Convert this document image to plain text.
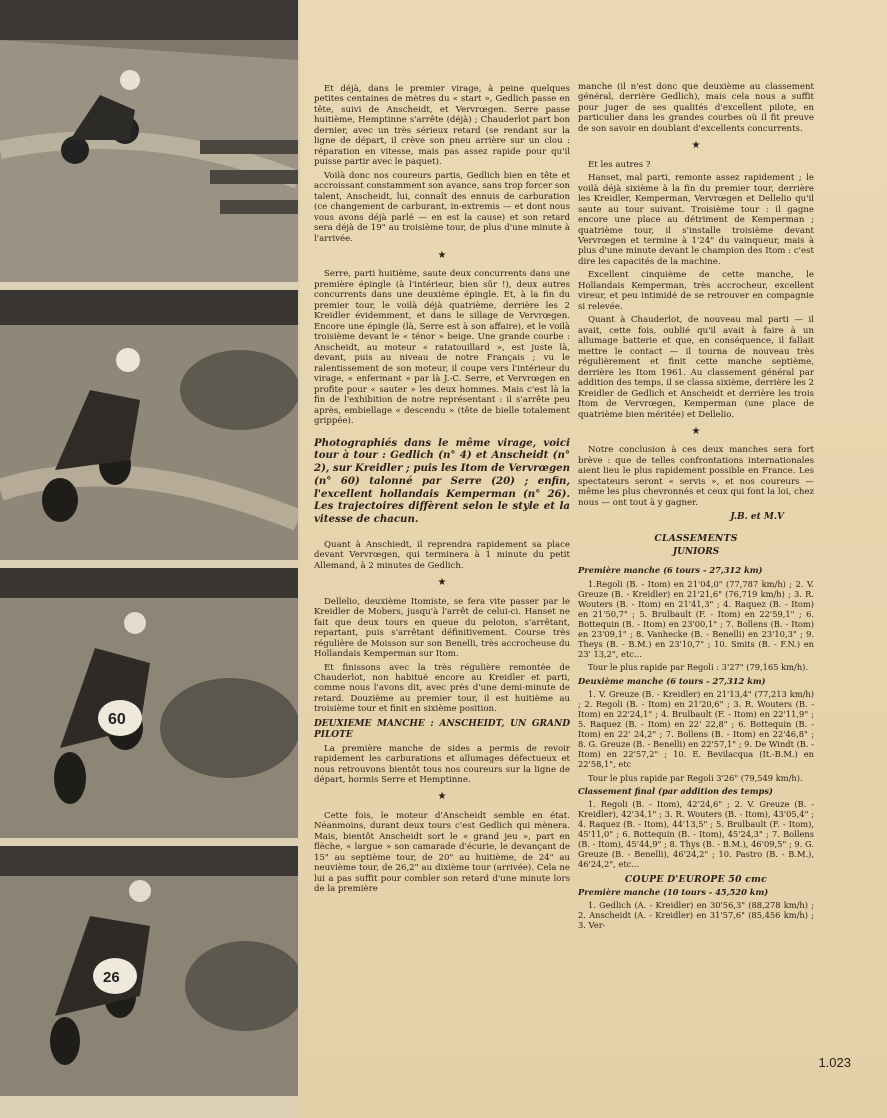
60
26

Et déjà, dans le premier virage, à peine quelques petites centaines de mètres du « start », Gedlich passe en tête, suivi de Anscheidt, et Vervrœgen. Serre passe huitième, Hemptinne s'arrête (déjà) ; Chauderlot part bon dernier, avec un très sérieux retard (se rendant sur la ligne de départ, il crève son pneu arrière sur un clou : réparation en vitesse, mais pas assez rapide pour qu'il puisse partir avec le paquet).

Voilà donc nos coureurs partis, Gedlich bien en tête et accroissant constamment son avance, sans trop forcer son talent, Anscheidt, lui, connaît des ennuis de carburation (ce changement de carburant, in-extremis — et dont nous vous avons déjà parlé — en est la cause) et son retard sera déjà de 19" au troisième tour, de plus d'une minute à l'arrivée.

★

Serre, parti huitième, saute deux concurrents dans une première épingle (à l'intérieur, bien sûr !), deux autres concurrents dans une deuxième épingle. Et, à la fin du premier tour, le voilà déjà quatrième, derrière les 2 Kreidler évidemment, et dans le sillage de Vervrœgen. Encore une épingle (là, Serre est à son affaire), et le voilà troisième devant le « ténor » beige. Une grande courbe : Anscheidt, au moteur « ratatouillard », est juste là, devant, puis au niveau de notre Français ; vu le ralentissement de son moteur, il coupe vers l'intérieur du virage, « enfermant » par là J.-C. Serre, et Vervrœgen en profite pour « sauter » les deux hommes. Mais c'est là la fin de l'exhibition de notre représentant : il s'arrête peu après, embiellage « descendu » (tête de bielle totalement grippée).

Photographiés dans le même virage, voici tour à tour : Gedlich (n° 4) et Anscheidt (n° 2), sur Kreidler ; puis les Itom de Vervrœgen (n° 60) talonné par Serre (20) ; enfin, l'excellent hollandais Kemperman (n° 26). Les trajectoires diffèrent selon le style et la vitesse de chacun.

Quant à Anschiedt, il reprendra rapidement sa place devant Vervrœgen, qui terminera à 1 minute du petit Allemand, à 2 minutes de Gedlich.

★

Dellelio, deuxième Itomiste, se fera vite passer par le Kreidler de Mobers, jusqu'à l'arrêt de celui-ci. Hanset ne fait que deux tours en queue du peloton, s'arrêtant, repartant, puis s'arrêtant définitivement. Course très régulière de Moisson sur son Benelli, très accrocheuse du Hollandais Kemperman sur Itom.

Et finissons avec la très régulière remontée de Chauderlot, non habitué encore au Kreidler et parti, comme nous l'avons dit, avec près d'une demi-minute de retard. Douzième au premier tour, il est huitième au troisième tour et finit en sixième position.

DEUXIEME MANCHE : ANSCHEIDT, UN GRAND PILOTE

La première manche de sides a permis de revoir rapidement les carburations et allumages défectueux et nous retrouvons bientôt tous nos coureurs sur la ligne de départ, hormis Serre et Hemptinne.

★

Cette fois, le moteur d'Anscheidt semble en état. Néanmoins, durant deux tours c'est Gedlich qui mènera. Mais, bientôt Anscheidt sort le « grand jeu », part en flèche, « largue » son camarade d'écurie, le devançant de 15" au septième tour, de 20" au huitième, de 24" au neuvième tour, de 26,2" au dixième tour (arrivée). Cela ne lui a pas suffit pour combler son retard d'une minute lors de la première

manche (il n'est donc que deuxième au classement général, derrière Gedlich), mais cela nous a suffit pour juger de ses qualités d'excellent pilote, en particulier dans les grandes courbes où il fit preuve de son savoir en doublant d'excellents concurrents.

★

Et les autres ?

Hanset, mal parti, remonte assez rapidement ; le voilà déjà sixième à la fin du premier tour, derrière les Kreidler, Kemperman, Vervrœgen et Dellelio qu'il saute au tour suivant. Troisième tour : il gagne encore une place au détriment de Kemperman ; quatrième tour, il s'installe troisième devant Vervrœgen et termine à 1'24" du vainqueur, mais à plus d'une minute devant le champion des Itom : c'est dire les capacités de la machine.

Excellent cinquième de cette manche, le Hollandais Kemperman, très accrocheur, excellent vireur, et peu intimidé de se retrouver en compagnie si relevée.

Quant à Chauderlot, de nouveau mal parti — il avait, cette fois, oublié qu'il avait à faire à un allumage batterie et que, en conséquence, il fallait mettre le contact — il tourna de nouveau très régulièrement et finit cette manche septième, derrière les Itom 1961. Au classement général par addition des temps, il se classa sixième, derrière les 2 Kreidler de Gedlich et Anscheidt et derrière les trois Itom de Vervrœgen, Kemperman (une place de quatrième bien méritée) et Dellelio.

★

Notre conclusion à ces deux manches sera fort brève : que de telles confrontations internationales aient lieu le plus rapidement possible en France. Les spectateurs seront « servis », et nos coureurs — même les plus chevronnés et ceux qui font la loi, chez nous — ont tout à y gagner.

J.B. et M.V
CLASSEMENTS
JUNIORS

Première manche (6 tours - 27,312 km)

1.Regoli (B. - Itom) en 21'04,0" (77,787 km/h) ; 2. V. Greuze (B. - Kreidler) en 21'21,6" (76,719 km/h) ; 3. R. Wouters (B. - Itom) en 21'41,3" ; 4. Raquez (B. - Itom) en 21'50,7" ; 5. Brulbault (F. - Itom) en 22'59,1" ; 6. Bottequin (B. - Itom) en 23'00,1" ; 7. Bollens (B. - Itom) en 23'09,1" ; 8. Vanhecke (B. - Benelli) en 23'10,3" ; 9. Theys (B. - B.M.) en 23'10,7" ; 10. Smits (B. - F.N.) en 23' 13,2", etc...

Tour le plus rapide par Regoli : 3'27" (79,165 km/h).

Deuxième manche (6 tours - 27,312 km)

1. V. Greuze (B. - Kreidler) en 21'13,4" (77,213 km/h) ; 2. Regoli (B. - Itom) en 21'20,6" ; 3. R. Wouters (B. - Itom) en 22'24,1" ; 4. Brulbault (F. - Itom) en 22'11,9" ; 5. Raquez (B. - Itom) en 22' 22,8" ; 6. Bottequin (B. - Itom) en 22' 24,2" ; 7. Bollens (B. - Itom) en 22'46,8" ; 8. G. Greuze (B. - Benelli) en 22'57,1" ; 9. De Windt (B. - Itom) en 22'57,2" ; 10. E. Bevilacqua (It.-B.M.) en 22'58,1", etc

Tour le plus rapide par Regoli 3'26" (79,549 km/h).

Classement final (par addition des temps)

1. Regoli (B. - Itom), 42'24,6" ; 2. V. Greuze (B. - Kreidler), 42'34,1" ; 3. R. Wouters (B. - Itom), 43'05,4" ; 4. Raquez (B. - Itom), 44'13,5" ; 5. Brulbault (F. - Itom), 45'11,0" ; 6. Bottequin (B. - Itom), 45'24,3" ; 7. Bollens (B. - Itom), 45'44,9" ; 8. Thys (B. - B.M.), 46'09,5" ; 9. G. Greuze (B. - Benelli), 46'24,2" ; 10. Pastro (B. - B.M.), 46'24,2", etc...

COUPE D'EUROPE 50 cmc

Première manche (10 tours - 45,520 km)

1. Gedlich (A. - Kreidler) en 30'56,3" (88,278 km/h) ; 2. Anscheidt (A. - Kreidler) en 31'57,6" (85,456 km/h) ; 3. Ver-

1.023
